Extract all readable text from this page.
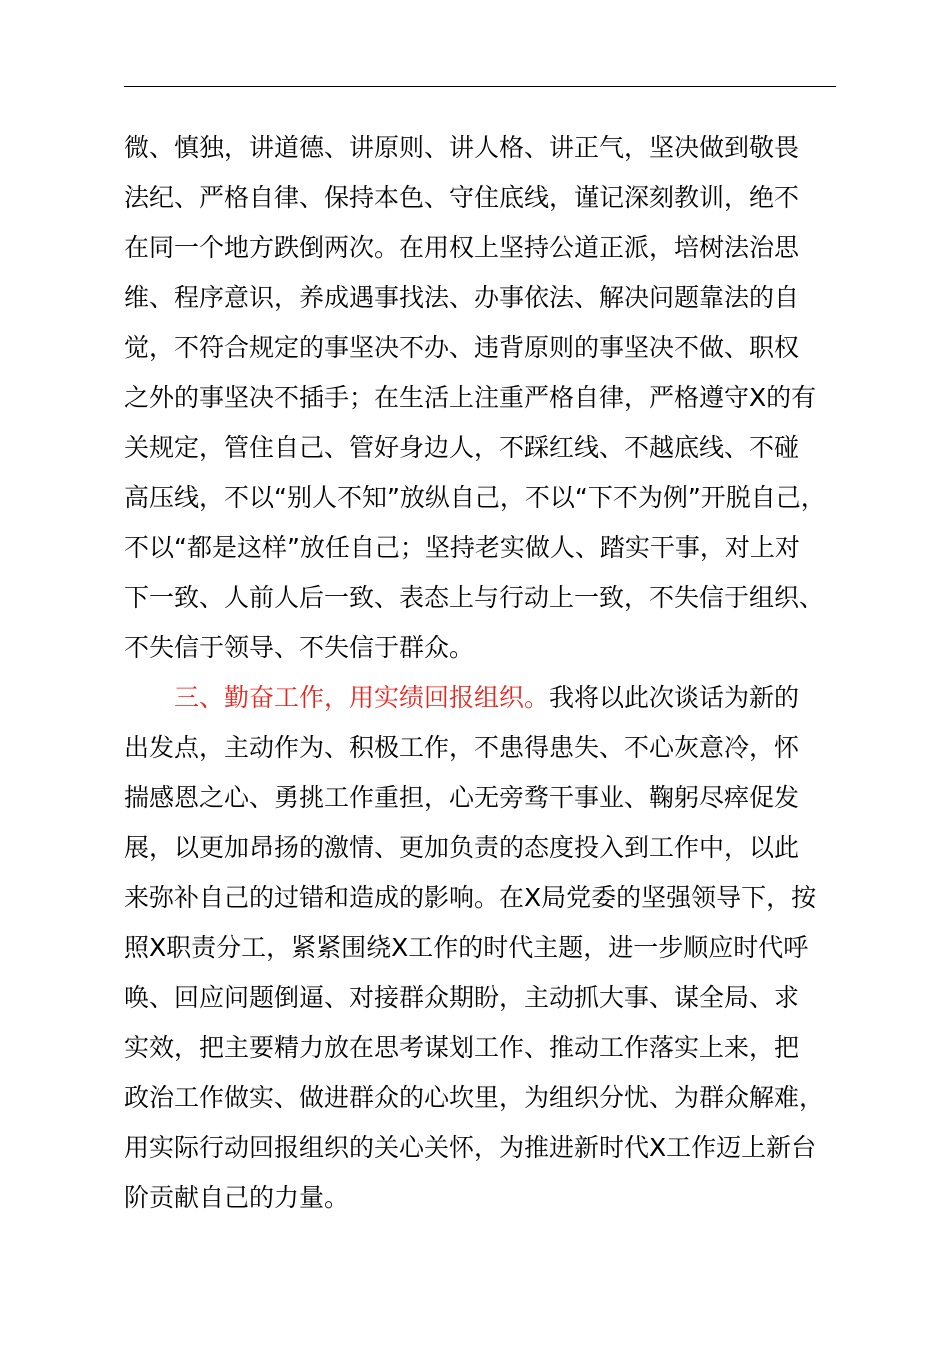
微、慎独，讲道德、讲原则、讲人格、讲正气，坚决做到敬畏
法纪、严格自律、保持本色、守住底线，谨记深刻教训，绝不
在同一个地方跌倒两次。在用权上坚持公道正派，培树法治思
维、程序意识，养成遇事找法、办事依法、解决问题靠法的自
觉，不符合规定的事坚决不办、违背原则的事坚决不做、职权
之外的事坚决不插手；在生活上注重严格自律，严格遵守X的有
关规定，管住自己、管好身边人，不踩红线、不越底线、不碰
高压线，不以“别人不知”放纵自己，不以“下不为例”开脱自己，
不以“都是这样”放任自己；坚持老实做人、踏实干事，对上对
下一致、人前人后一致、表态上与行动上一致，不失信于组织、
不失信于领导、不失信于群众。
三、勤奋工作，用实绩回报组织。我将以此次谈话为新的
出发点，主动作为、积极工作，不患得患失、不心灰意冷，怀
揣感恩之心、勇挑工作重担，心无旁骛干事业、鞠躬尽瘁促发
展，以更加昂扬的激情、更加负责的态度投入到工作中，以此
来弥补自己的过错和造成的影响。在X局党委的坚强领导下，按
照X职责分工，紧紧围绕X工作的时代主题，进一步顺应时代呼
唤、回应问题倒逼、对接群众期盼，主动抓大事、谋全局、求
实效，把主要精力放在思考谋划工作、推动工作落实上来，把
政治工作做实、做进群众的心坎里，为组织分忧、为群众解难，
用实际行动回报组织的关心关怀，为推进新时代X工作迈上新台
阶贡献自己的力量。
